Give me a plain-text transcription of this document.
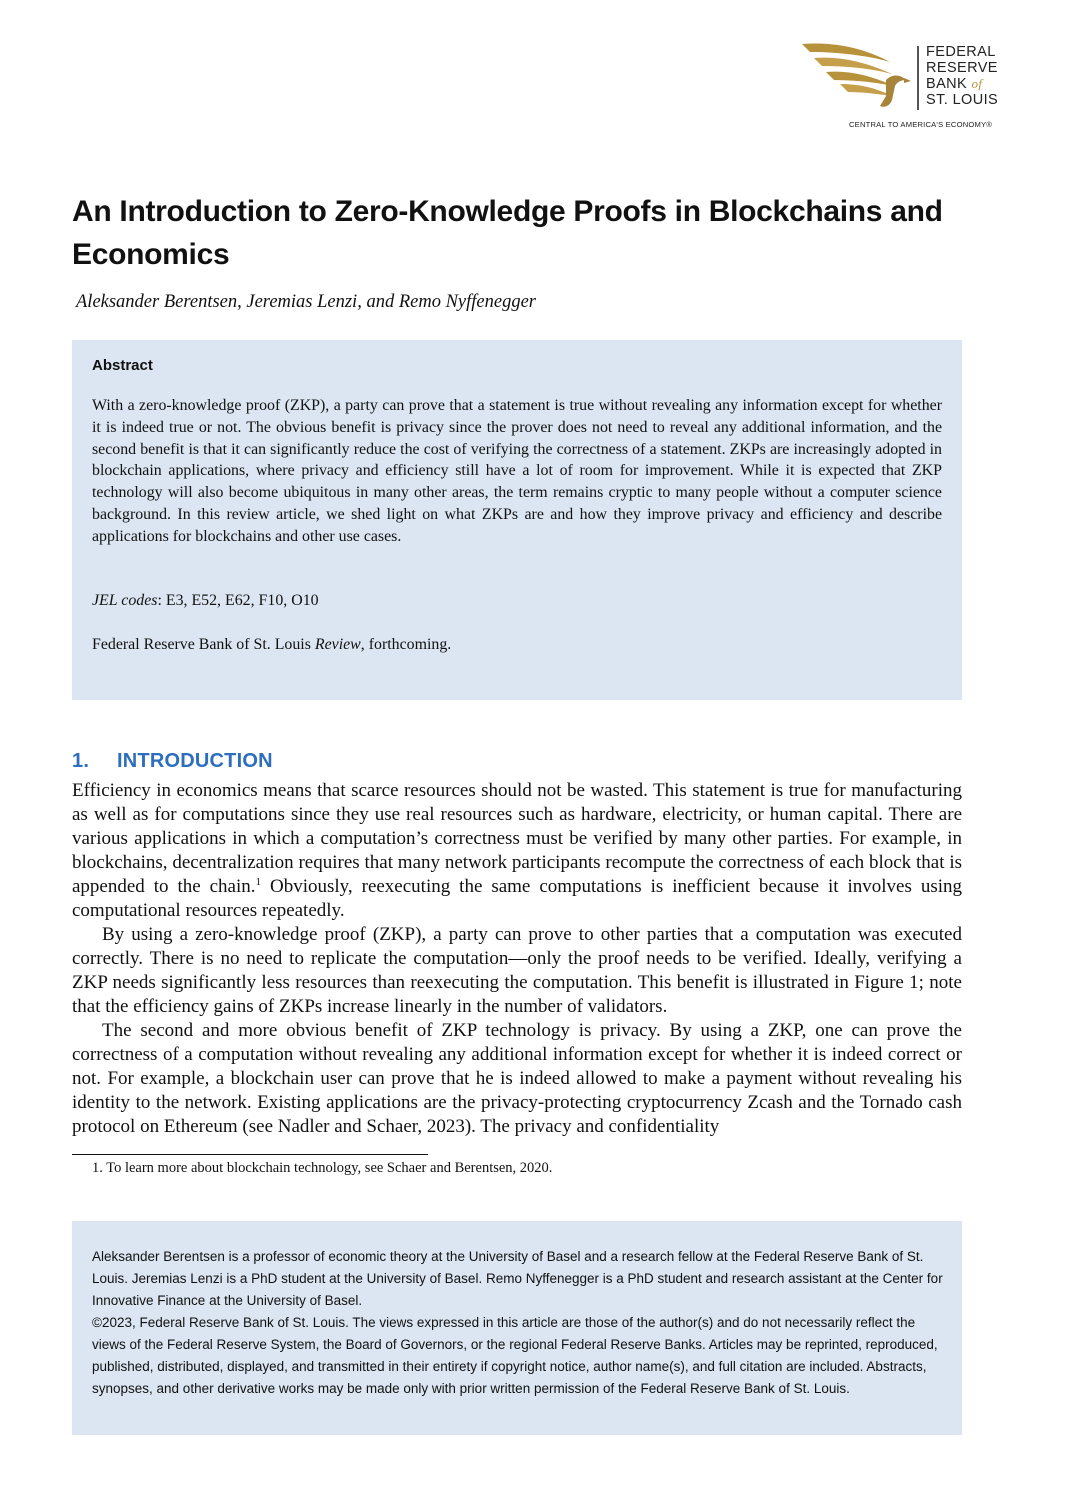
FEDERAL
RESERVE
BANK of
ST. LOUIS
CENTRAL TO AMERICA'S ECONOMY®
An Introduction to Zero-Knowledge Proofs in Blockchains and Economics
Aleksander Berentsen, Jeremias Lenzi, and Remo Nyffenegger
Abstract

With a zero-knowledge proof (ZKP), a party can prove that a statement is true without revealing any information except for whether it is indeed true or not. The obvious benefit is privacy since the prover does not need to reveal any additional information, and the second benefit is that it can significantly reduce the cost of verifying the correctness of a statement. ZKPs are increasingly adopted in blockchain applications, where privacy and efficiency still have a lot of room for improvement. While it is expected that ZKP technology will also become ubiquitous in many other areas, the term remains cryptic to many people without a computer science background. In this review article, we shed light on what ZKPs are and how they improve privacy and efficiency and describe applications for blockchains and other use cases.

JEL codes: E3, E52, E62, F10, O10
Federal Reserve Bank of St. Louis Review, forthcoming.
1. INTRODUCTION

Efficiency in economics means that scarce resources should not be wasted. This statement is true for manufacturing as well as for computations since they use real resources such as hardware, electricity, or human capital. There are various applications in which a computation’s correctness must be verified by many other parties. For example, in blockchains, decentralization requires that many network participants recompute the correctness of each block that is appended to the chain.$^1$ Obviously, reexecuting the same computations is inefficient because it involves using computational resources repeatedly.

By using a zero-knowledge proof (ZKP), a party can prove to other parties that a computation was executed correctly. There is no need to replicate the computation—only the proof needs to be verified. Ideally, verifying a ZKP needs significantly less resources than reexecuting the computation. This benefit is illustrated in Figure 1; note that the efficiency gains of ZKPs increase linearly in the number of validators.

The second and more obvious benefit of ZKP technology is privacy. By using a ZKP, one can prove the correctness of a computation without revealing any additional information except for whether it is indeed correct or not. For example, a blockchain user can prove that he is indeed allowed to make a payment without revealing his identity to the network. Existing applications are the privacy-protecting cryptocurrency Zcash and the Tornado cash protocol on Ethereum (see Nadler and Schaer, 2023). The privacy and confidentiality

1. To learn more about blockchain technology, see Schaer and Berentsen, 2020.

Aleksander Berentsen is a professor of economic theory at the University of Basel and a research fellow at the Federal Reserve Bank of St. Louis. Jeremias Lenzi is a PhD student at the University of Basel. Remo Nyffenegger is a PhD student and research assistant at the Center for Innovative Finance at the University of Basel.

©2023, Federal Reserve Bank of St. Louis. The views expressed in this article are those of the author(s) and do not necessarily reflect the views of the Federal Reserve System, the Board of Governors, or the regional Federal Reserve Banks. Articles may be reprinted, reproduced, published, distributed, displayed, and transmitted in their entirety if copyright notice, author name(s), and full citation are included. Abstracts, synopses, and other derivative works may be made only with prior written permission of the Federal Reserve Bank of St. Louis.
